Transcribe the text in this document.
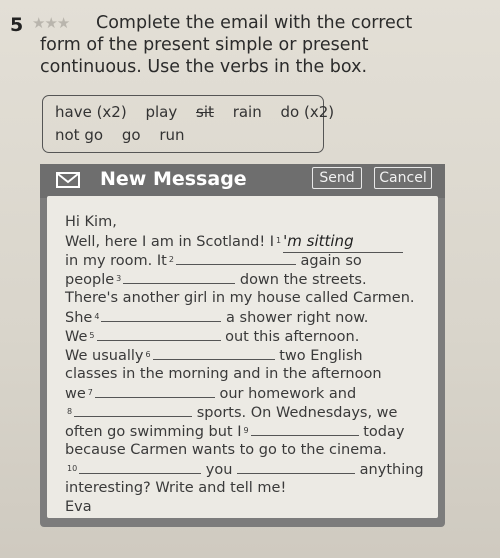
5 ★★★	Complete the email with the correct
form of the present simple or present
continuous. Use the verbs in the box.
have (x2) play sit rain do (x2)
not go go run
New Message	Send	Cancel
Hi Kim,
Well, here I am in Scotland! I $^1$ 'm sitting
in my room. It $^2$	again so
people $^3$	down the streets.
There's another girl in my house called Carmen.
She $^4$	a shower right now.
We $^5$	out this afternoon.
We usually $^6$	two English
classes in the morning and in the afternoon
we $^7$	our homework and
$^8$	sports. On Wednesdays, we
often go swimming but I $^9$	today
because Carmen wants to go to the cinema.
$^{10}$	you	anything
interesting? Write and tell me!
Eva
